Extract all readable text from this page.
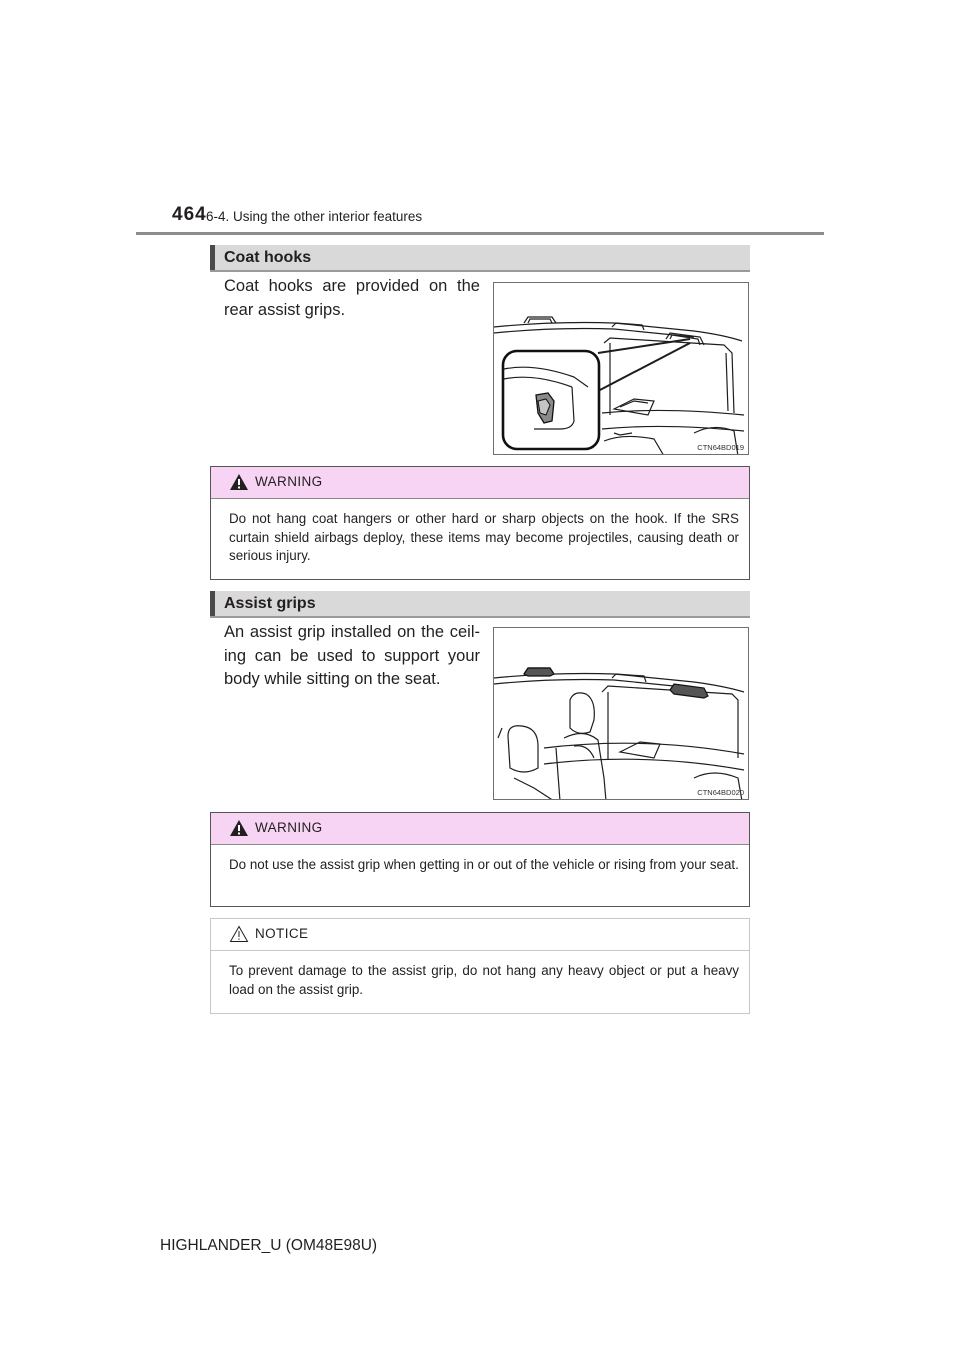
464 6-4. Using the other interior features
Coat hooks
Coat hooks are provided on the rear assist grips.
CTN64BD019
WARNING
Do not hang coat hangers or other hard or sharp objects on the hook. If the SRS curtain shield airbags deploy, these items may become projectiles, causing death or serious injury.
Assist grips
An assist grip installed on the ceil-ing can be used to support your body while sitting on the seat.
CTN64BD020
WARNING
Do not use the assist grip when getting in or out of the vehicle or rising from your seat.
NOTICE
To prevent damage to the assist grip, do not hang any heavy object or put a heavy load on the assist grip.
HIGHLANDER_U (OM48E98U)
